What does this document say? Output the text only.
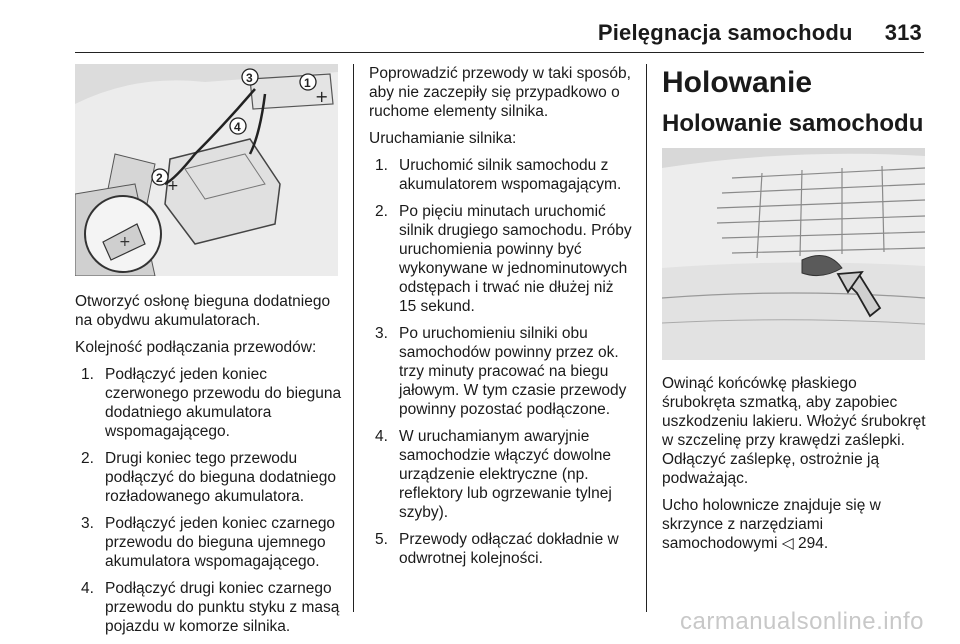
Pielęgnacja samochodu 313
+
3	1
+
4
2 +

Otworzyć osłonę bieguna dodatniego na obydwu akumulatorach.

Kolejność podłączania przewodów:

1. Podłączyć jeden koniec czerwonego przewodu do bieguna dodatniego akumulatora wspomagającego.
2. Drugi koniec tego przewodu podłączyć do bieguna dodatniego rozładowanego akumulatora.
3. Podłączyć jeden koniec czarnego przewodu do bieguna ujemnego akumulatora wspomagającego.
4. Podłączyć drugi koniec czarnego przewodu do punktu styku z masą pojazdu w komorze silnika.

Poprowadzić przewody w taki sposób, aby nie zaczepiły się przypadkowo o ruchome elementy silnika.

Uruchamianie silnika:

1. Uruchomić silnik samochodu z akumulatorem wspomagającym.
2. Po pięciu minutach uruchomić silnik drugiego samochodu. Próby uruchomienia powinny być wykonywane w jednominutowych odstępach i trwać nie dłużej niż 15 sekund.
3. Po uruchomieniu silniki obu samochodów powinny przez ok. trzy minuty pracować na biegu jałowym. W tym czasie przewody powinny pozostać podłączone.
4. W uruchamianym awaryjnie samochodzie włączyć dowolne urządzenie elektryczne (np. reflektory lub ogrzewanie tylnej szyby).
5. Przewody odłączać dokładnie w odwrotnej kolejności.
Holowanie
Holowanie samochodu

Owinąć końcówkę płaskiego śrubokręta szmatką, aby zapobiec uszkodzeniu lakieru. Włożyć śrubokręt w szczelinę przy krawędzi zaślepki. Odłączyć zaślepkę, ostrożnie ją podważając.

Ucho holownicze znajduje się w skrzynce z narzędziami samochodowymi ◁ 294.

carmanualsonline.info
